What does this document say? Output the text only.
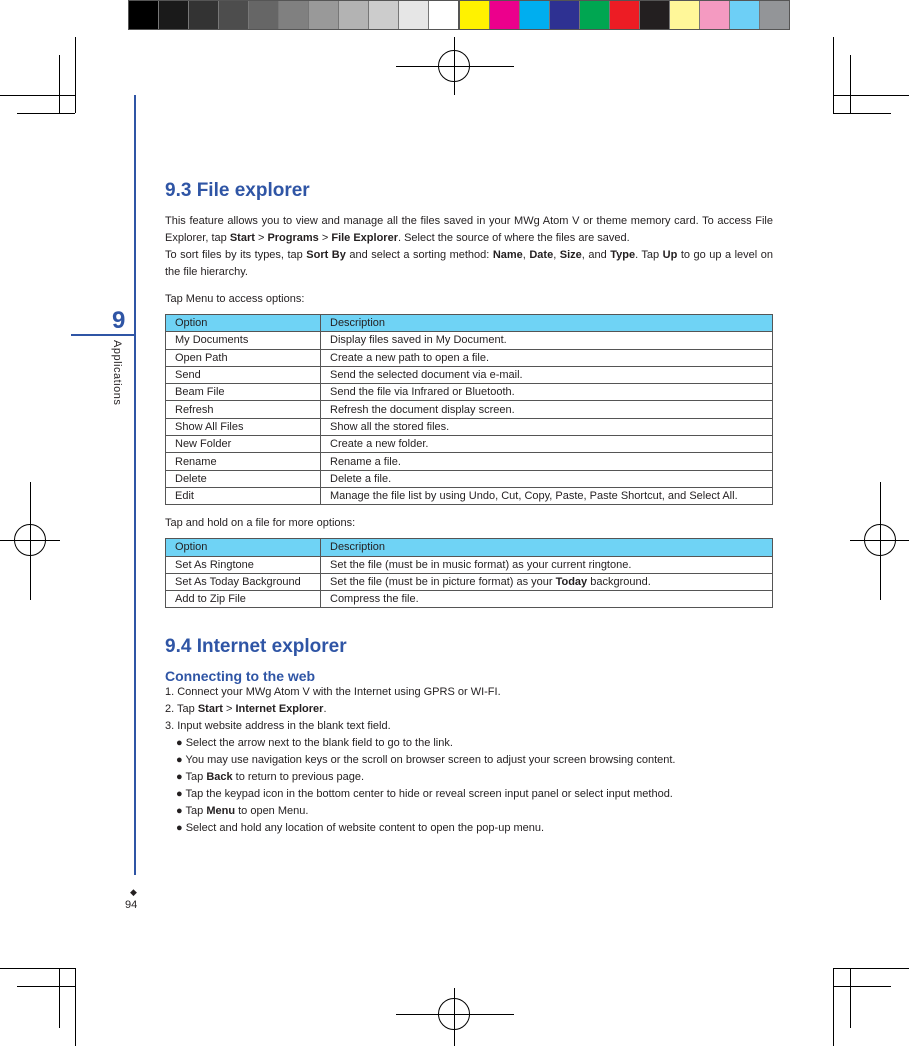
9
Applications
◆
94
9.3 File explorer

This feature allows you to view and manage all the files saved in your MWg Atom V or theme memory card. To access File Explorer, tap Start > Programs > File Explorer. Select the source of where the files are saved.

To sort files by its types, tap Sort By and select a sorting method: Name, Date, Size, and Type. Tap Up to go up a level on the file hierarchy.

Tap Menu to access options:

Option	Description
My Documents	Display files saved in My Document.
Open Path	Create a new path to open a file.
Send	Send the selected document via e-mail.
Beam File	Send the file via Infrared or Bluetooth.
Refresh	Refresh the document display screen.
Show All Files	Show all the stored files.
New Folder	Create a new folder.
Rename	Rename a file.
Delete	Delete a file.
Edit	Manage the file list by using Undo, Cut, Copy, Paste, Paste Shortcut, and Select All.

Tap and hold on a file for more options:

Option	Description
Set As Ringtone	Set the file (must be in music format) as your current ringtone.
Set As Today Background	Set the file (must be in picture format) as your Today background.
Add to Zip File	Compress the file.
9.4 Internet explorer
Connecting to the web

1. Connect your MWg Atom V with the Internet using GPRS or WI-FI.

2. Tap Start > Internet Explorer.

3. Input website address in the blank text field.

● Select the arrow next to the blank field to go to the link.

● You may use navigation keys or the scroll on browser screen to adjust your screen browsing content.

● Tap Back to return to previous page.

● Tap the keypad icon in the bottom center to hide or reveal screen input panel or select input method.

● Tap Menu to open Menu.

● Select and hold any location of website content to open the pop-up menu.
